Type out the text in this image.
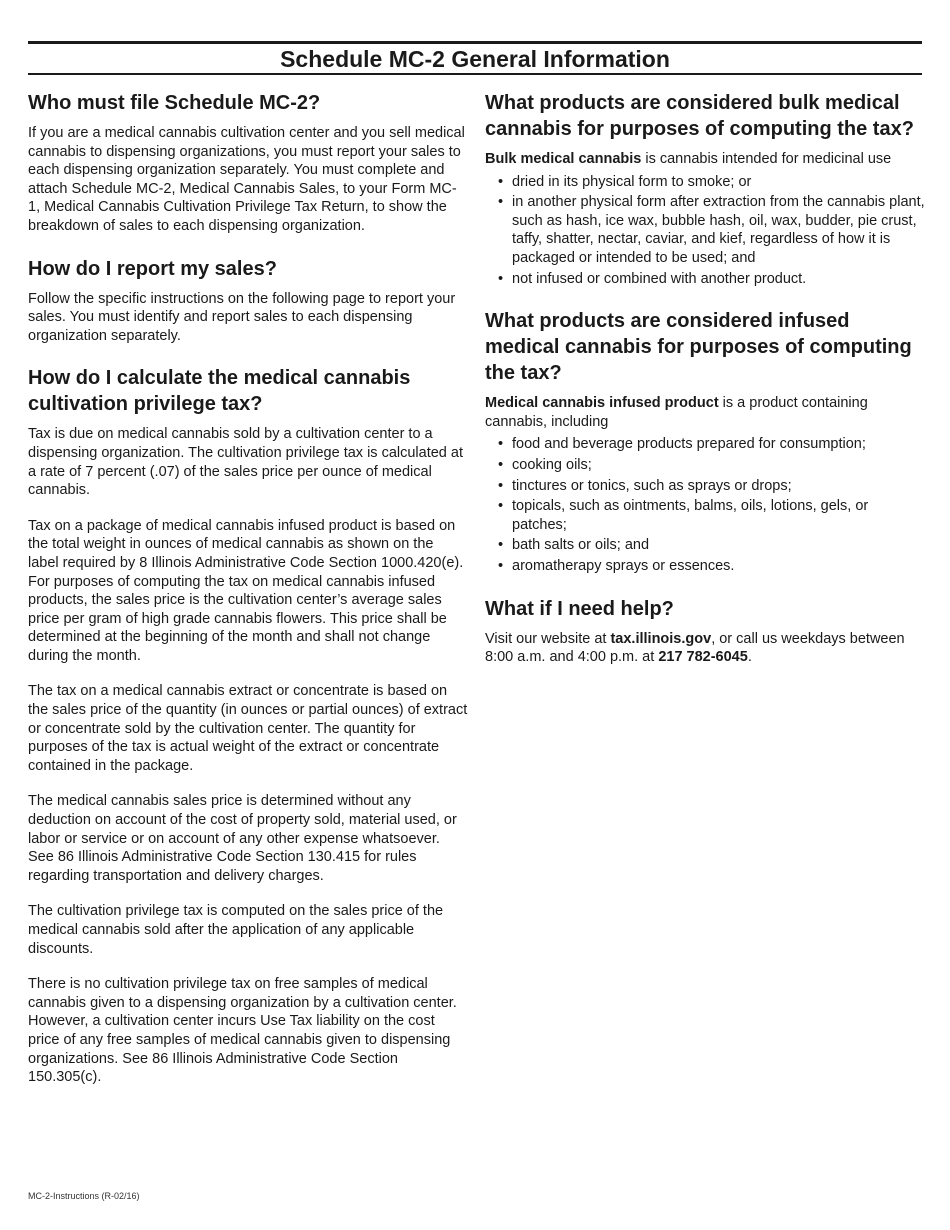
Schedule MC-2 General Information
Who must file Schedule MC-2?

If you are a medical cannabis cultivation center and you sell medical cannabis to dispensing organizations, you must report your sales to each dispensing organization separately. You must complete and attach Schedule MC-2, Medical Cannabis Sales, to your Form MC-1, Medical Cannabis Cultivation Privilege Tax Return, to show the breakdown of sales to each dispensing organization.

How do I report my sales?

Follow the specific instructions on the following page to report your sales. You must identify and report sales to each dispensing organization separately.

How do I calculate the medical cannabis cultivation privilege tax?

Tax is due on medical cannabis sold by a cultivation center to a dispensing organization. The cultivation privilege tax is calculated at a rate of 7 percent (.07) of the sales price per ounce of medical cannabis.

Tax on a package of medical cannabis infused product is based on the total weight in ounces of medical cannabis as shown on the label required by 8 Illinois Administrative Code Section 1000.420(e). For purposes of computing the tax on medical cannabis infused products, the sales price is the cultivation center’s average sales price per gram of high grade cannabis flowers. This price shall be determined at the beginning of the month and shall not change during the month.

The tax on a medical cannabis extract or concentrate is based on the sales price of the quantity (in ounces or partial ounces) of extract or concentrate sold by the cultivation center. The quantity for purposes of the tax is actual weight of the extract or concentrate contained in the package.

The medical cannabis sales price is determined without any deduction on account of the cost of property sold, material used, or labor or service or on account of any other expense whatsoever. See 86 Illinois Administrative Code Section 130.415 for rules regarding transportation and delivery charges.

The cultivation privilege tax is computed on the sales price of the medical cannabis sold after the application of any applicable discounts.

There is no cultivation privilege tax on free samples of medical cannabis given to a dispensing organization by a cultivation center. However, a cultivation center incurs Use Tax liability on the cost price of any free samples of medical cannabis given to dispensing organizations. See 86 Illinois Administrative Code Section 150.305(c).

What products are considered bulk medical cannabis for purposes of computing the tax?

Bulk medical cannabis is cannabis intended for medicinal use

• dried in its physical form to smoke; or
• in another physical form after extraction from the cannabis plant, such as hash, ice wax, bubble hash, oil, wax, budder, pie crust, taffy, shatter, nectar, caviar, and kief, regardless of how it is packaged or intended to be used; and
• not infused or combined with another product.
What products are considered infused medical cannabis for purposes of computing the tax?

Medical cannabis infused product is a product containing cannabis, including

• food and beverage products prepared for consumption;
• cooking oils;
• tinctures or tonics, such as sprays or drops;
• topicals, such as ointments, balms, oils, lotions, gels, or patches;
• bath salts or oils; and
• aromatherapy sprays or essences.
What if I need help?

Visit our website at tax.illinois.gov, or call us weekdays between 8:00 a.m. and 4:00 p.m. at 217 782-6045.

MC-2-Instructions (R-02/16)
